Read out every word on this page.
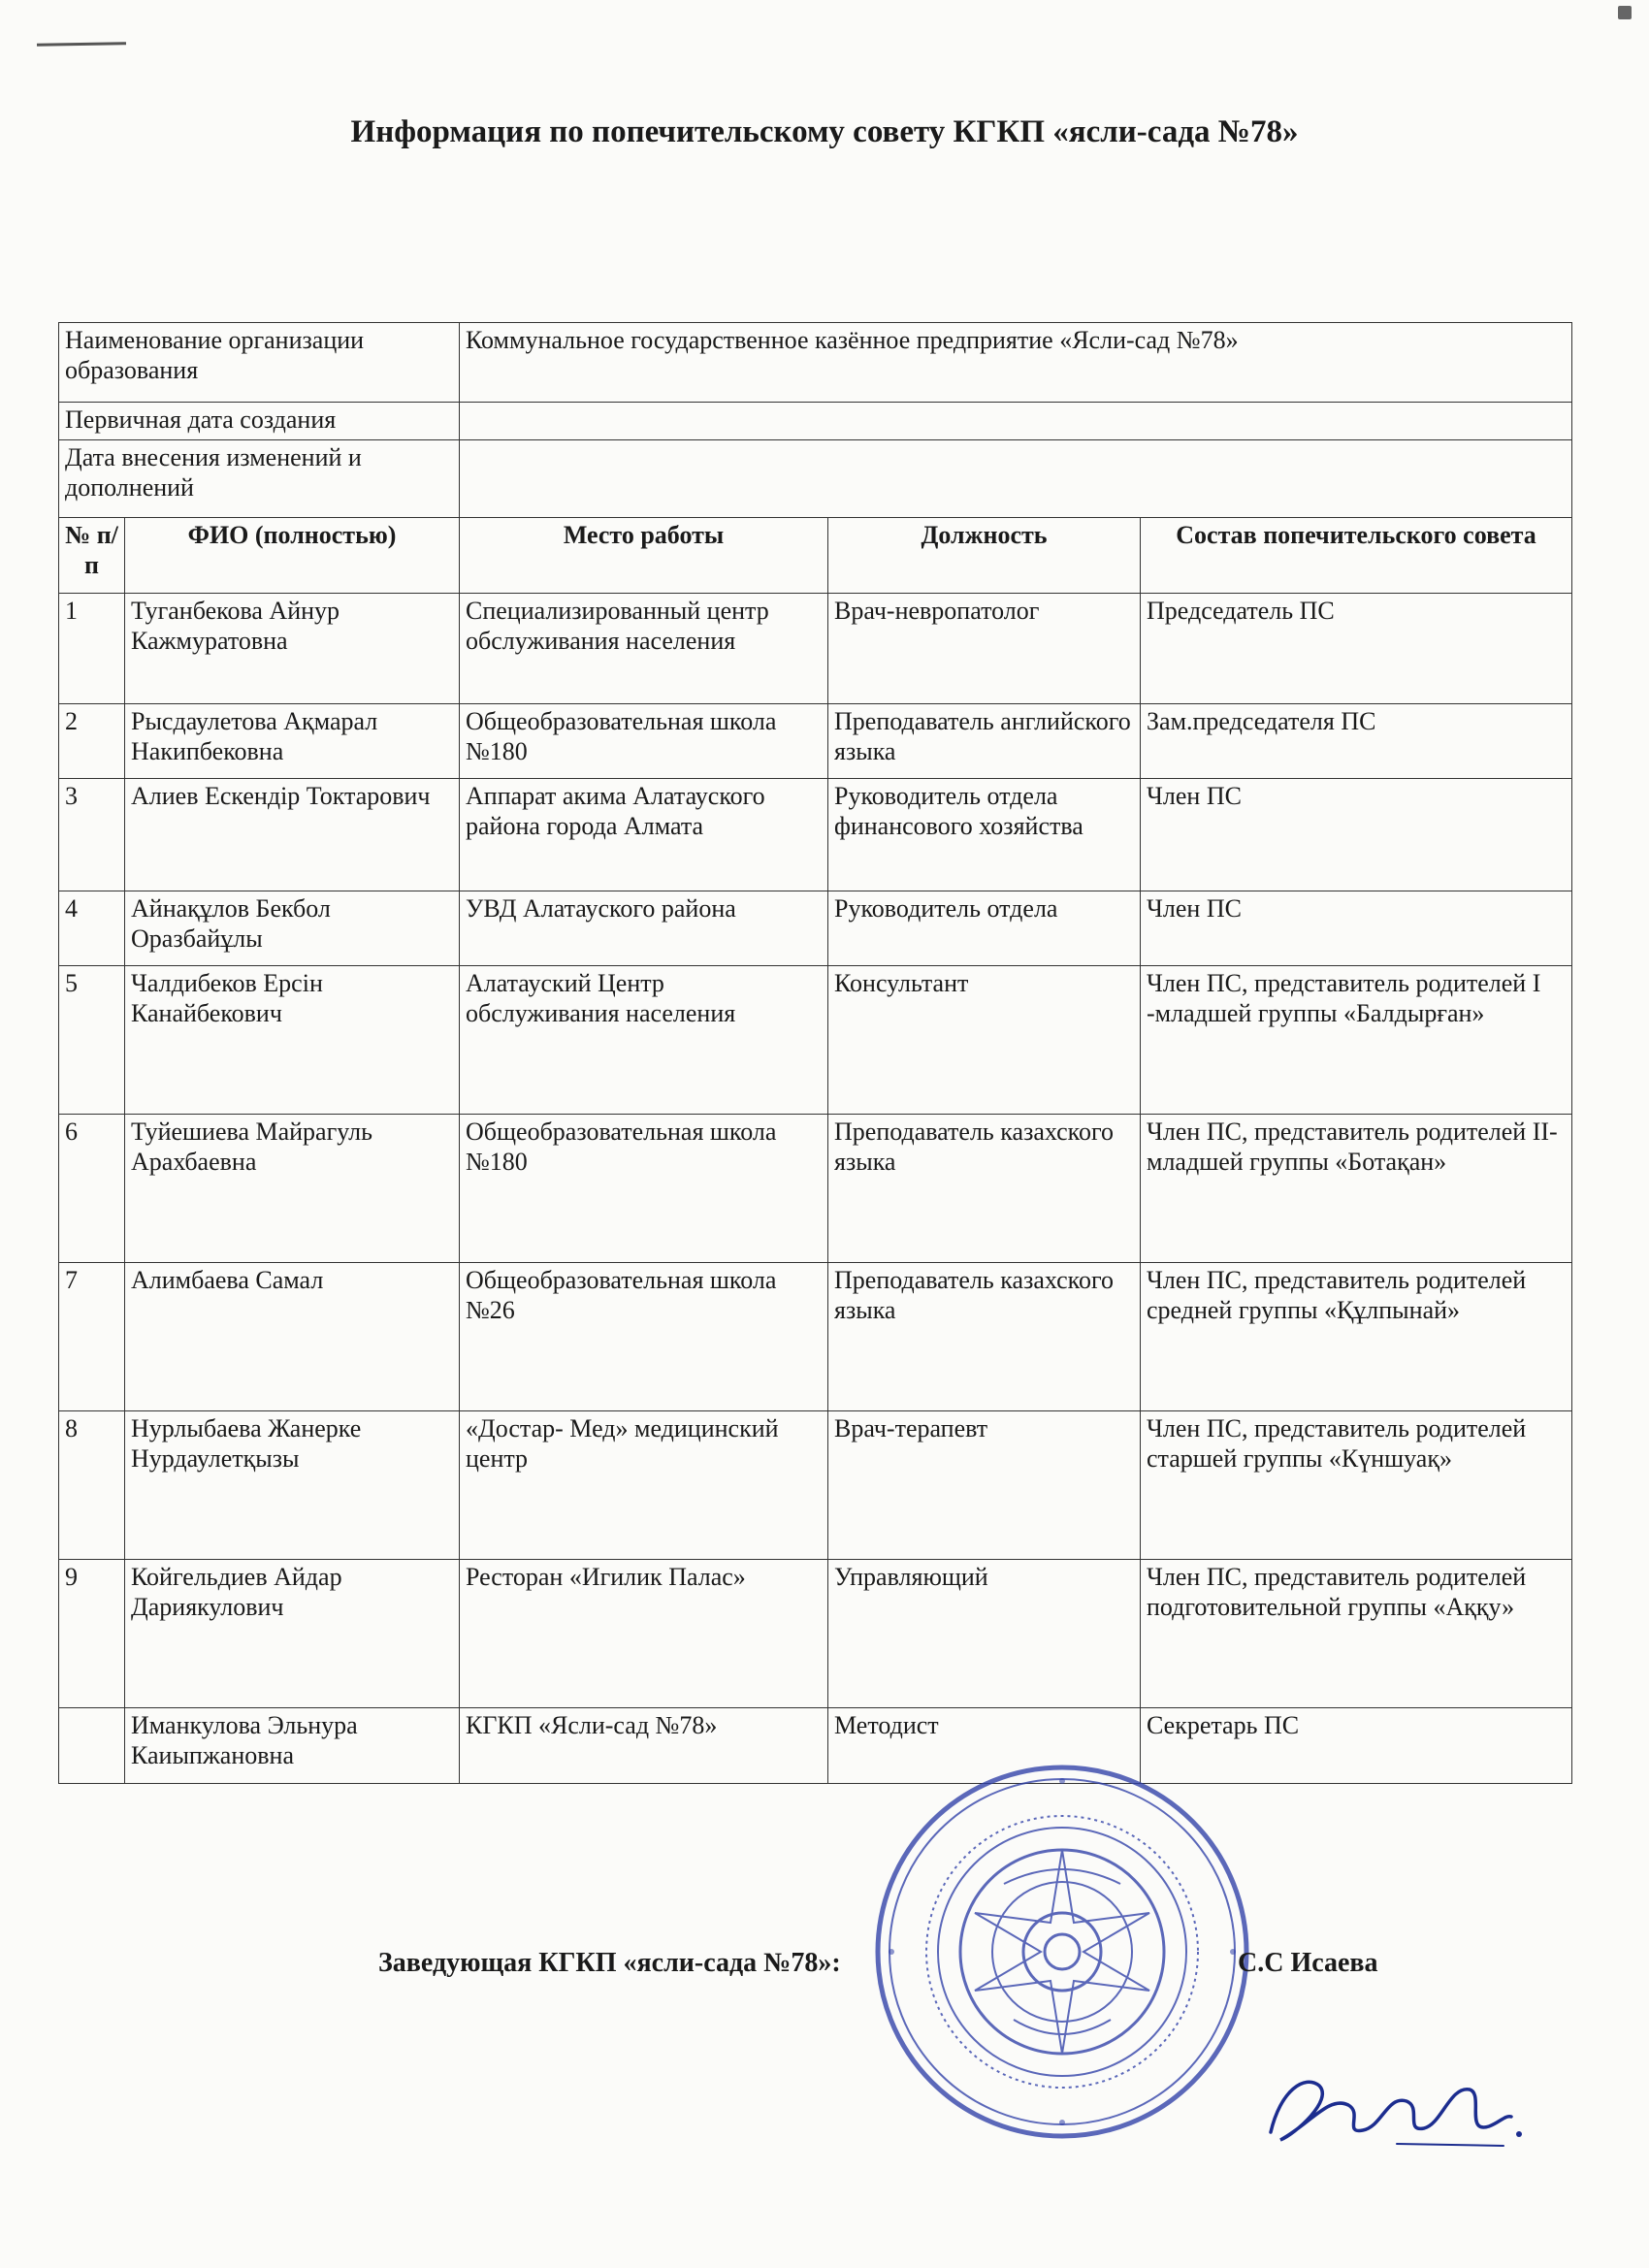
Информация по попечительскому совету КГКП «ясли-сада №78»
Наименование организации образования		Коммунальное государственное казённое предприятие «Ясли-сад №78»		
Первичная дата создания				
Дата внесения изменений и дополнений				
№ п/п	ФИО (полностью)	Место работы	Должность	Состав попечительского совета
1	Туганбекова Айнур Кажмуратовна	Специализированный центр обслуживания населения	Врач-невропатолог	Председатель ПС
2	Рысдаулетова Ақмарал Накипбековна	Общеобразовательная школа №180	Преподаватель английского языка	Зам.председателя ПС
3	Алиев Ескендір Токтарович	Аппарат акима Алатауского района города Алмата	Руководитель отдела финансового хозяйства	Член ПС
4	Айнақұлов Бекбол Оразбайұлы	УВД Алатауского района	Руководитель отдела	Член ПС
5	Чалдибеков Ерсін Канайбекович	Алатауский Центр обслуживания населения	Консультант	Член ПС, представитель родителей I -младшей группы «Балдырған»
6	Туйешиева Майрагуль Арахбаевна	Общеобразовательная школа №180	Преподаватель казахского языка	Член ПС, представитель родителей II-младшей группы «Ботақан»
7	Алимбаева Самал	Общеобразовательная школа №26	Преподаватель казахского языка	Член ПС, представитель родителей средней группы «Құлпынай»
8	Нурлыбаева Жанерке Нурдаулетқызы	«Достар- Мед» медицинский центр	Врач-терапевт	Член ПС, представитель родителей старшей группы «Күншуақ»
9	Койгельдиев Айдар Дариякулович	Ресторан «Игилик Палас»	Управляющий	Член ПС, представитель родителей подготовительной группы «Аққу»
	Иманкулова Эльнура Каиыпжановна	КГКП «Ясли-сад №78»	Методист	Секретарь ПС

Заведующая КГКП «ясли-сада №78»:	С.С Исаева
